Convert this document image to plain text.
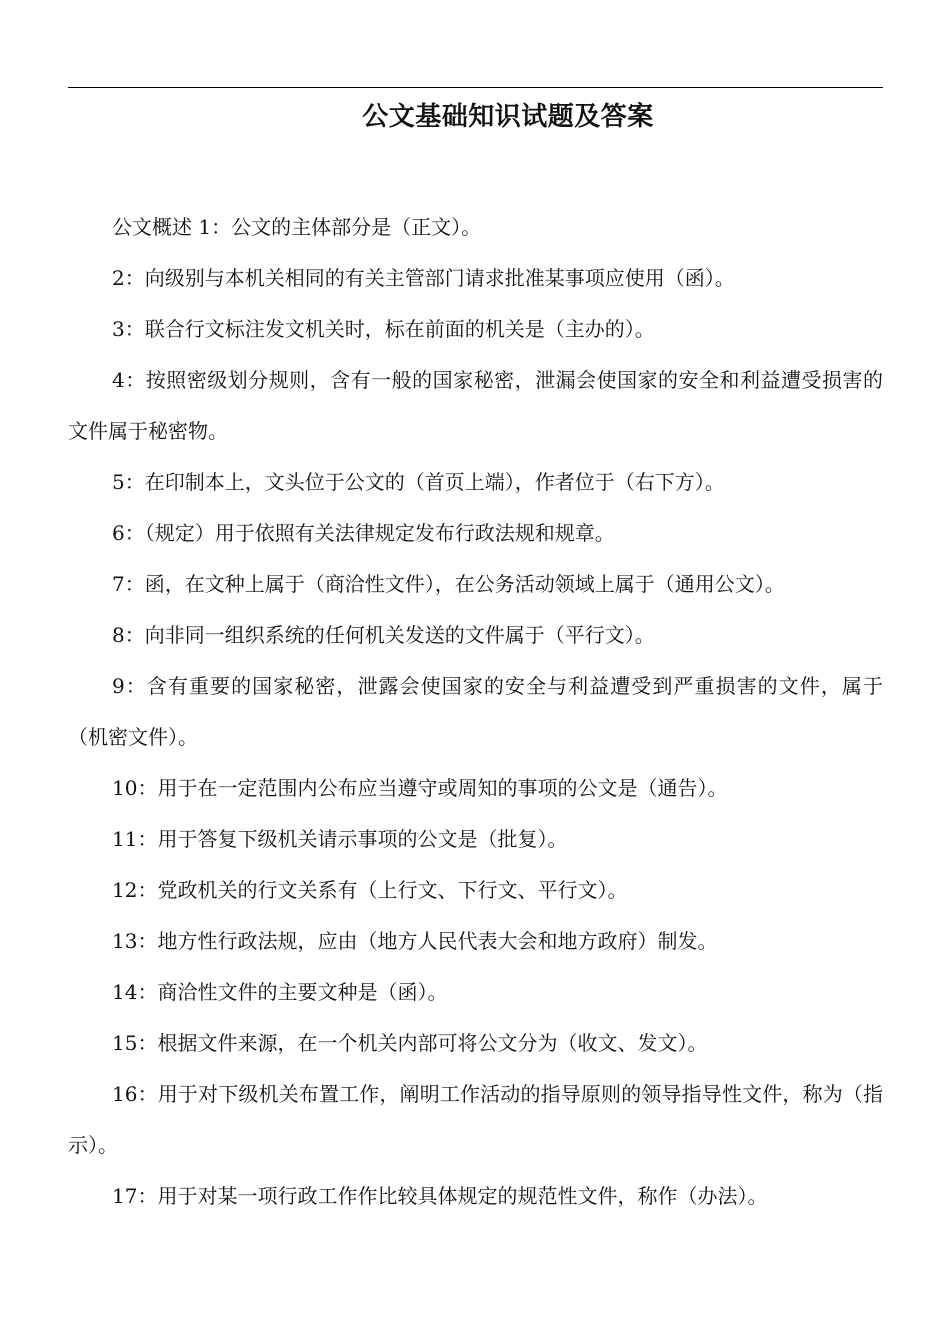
公文基础知识试题及答案

公文概述 1：公文的主体部分是（正文）。

2：向级别与本机关相同的有关主管部门请求批准某事项应使用（函）。

3：联合行文标注发文机关时，标在前面的机关是（主办的）。

4：按照密级划分规则，含有一般的国家秘密，泄漏会使国家的安全和利益遭受损害的文件属于秘密物。

5：在印制本上，文头位于公文的（首页上端），作者位于（右下方）。

6：（规定）用于依照有关法律规定发布行政法规和规章。

7：函，在文种上属于（商洽性文件），在公务活动领域上属于（通用公文）。

8：向非同一组织系统的任何机关发送的文件属于（平行文）。

9：含有重要的国家秘密，泄露会使国家的安全与利益遭受到严重损害的文件，属于（机密文件）。

10：用于在一定范围内公布应当遵守或周知的事项的公文是（通告）。

11：用于答复下级机关请示事项的公文是（批复）。

12：党政机关的行文关系有（上行文、下行文、平行文）。

13：地方性行政法规，应由（地方人民代表大会和地方政府）制发。

14：商洽性文件的主要文种是（函）。

15：根据文件来源，在一个机关内部可将公文分为（收文、发文）。

16：用于对下级机关布置工作，阐明工作活动的指导原则的领导指导性文件，称为（指示）。

17：用于对某一项行政工作作比较具体规定的规范性文件，称作（办法）。
